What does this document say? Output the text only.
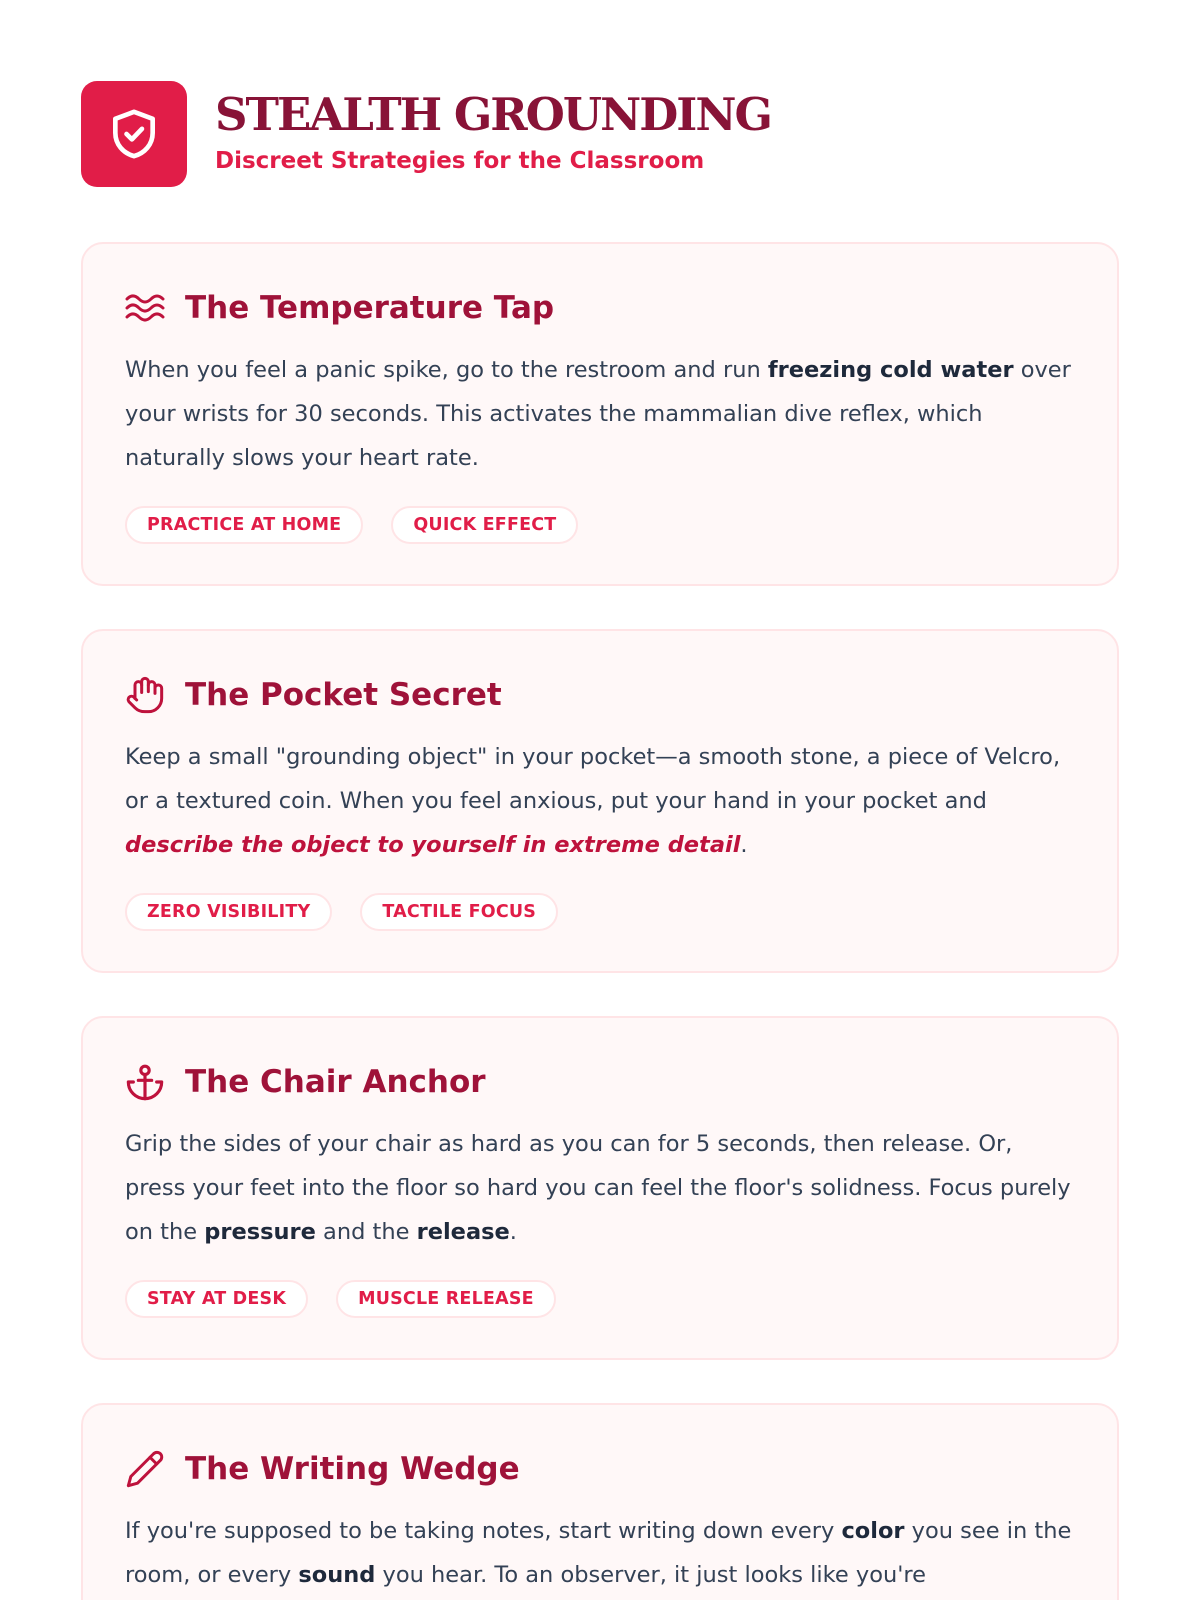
STEALTH GROUNDING
Discreet Strategies for the Classroom
The Temperature Tap
When you feel a panic spike, go to the restroom and run freezing cold water over your wrists for 30 seconds. This activates the mammalian dive reflex, which naturally slows your heart rate.
PRACTICE AT HOME	QUICK EFFECT
The Pocket Secret
Keep a small "grounding object" in your pocket—a smooth stone, a piece of Velcro, or a textured coin. When you feel anxious, put your hand in your pocket and describe the object to yourself in extreme detail.
ZERO VISIBILITY	TACTILE FOCUS
The Chair Anchor
Grip the sides of your chair as hard as you can for 5 seconds, then release. Or, press your feet into the floor so hard you can feel the floor's solidness. Focus purely on the pressure and the release.
STAY AT DESK	MUSCLE RELEASE
The Writing Wedge
If you're supposed to be taking notes, start writing down every color you see in the room, or every sound you hear. To an observer, it just looks like you're
